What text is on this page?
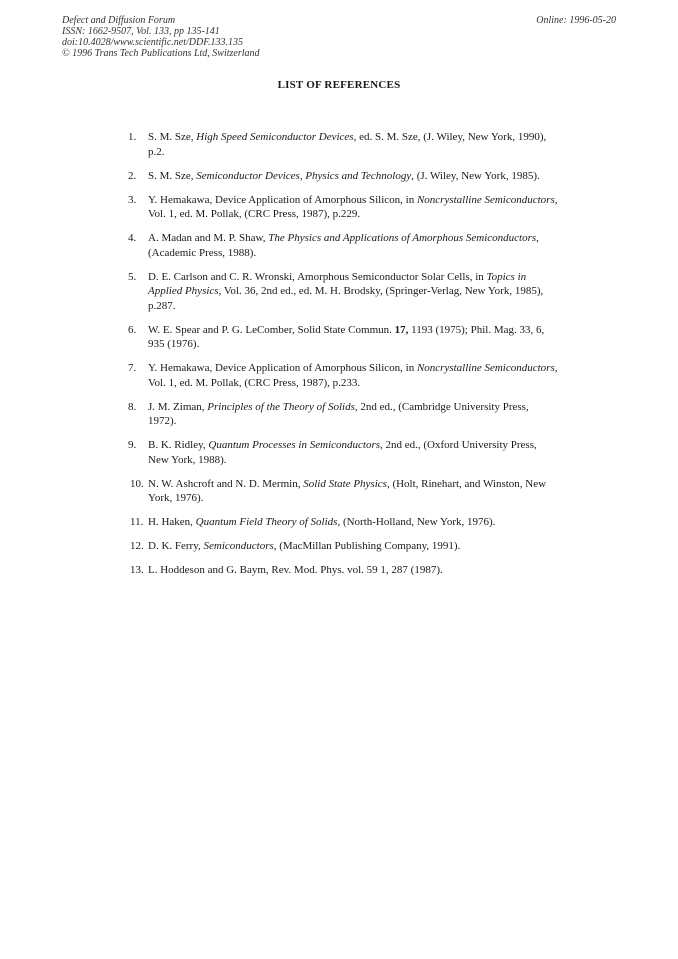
Defect and Diffusion Forum
ISSN: 1662-9507, Vol. 133, pp 135-141
doi:10.4028/www.scientific.net/DDF.133.135
© 1996 Trans Tech Publications Ltd, Switzerland
Online: 1996-05-20
LIST OF REFERENCES
1. S. M. Sze, High Speed Semiconductor Devices, ed. S. M. Sze, (J. Wiley, New York, 1990), p.2.
2. S. M. Sze, Semiconductor Devices, Physics and Technology, (J. Wiley, New York, 1985).
3. Y. Hemakawa, Device Application of Amorphous Silicon, in Noncrystalline Semiconductors, Vol. 1, ed. M. Pollak, (CRC Press, 1987), p.229.
4. A. Madan and M. P. Shaw, The Physics and Applications of Amorphous Semiconductors, (Academic Press, 1988).
5. D. E. Carlson and C. R. Wronski, Amorphous Semiconductor Solar Cells, in Topics in Applied Physics, Vol. 36, 2nd ed., ed. M. H. Brodsky, (Springer-Verlag, New York, 1985), p.287.
6. W. E. Spear and P. G. LeComber, Solid State Commun. 17, 1193 (1975); Phil. Mag. 33, 6, 935 (1976).
7. Y. Hemakawa, Device Application of Amorphous Silicon, in Noncrystalline Semiconductors, Vol. 1, ed. M. Pollak, (CRC Press, 1987), p.233.
8. J. M. Ziman, Principles of the Theory of Solids, 2nd ed., (Cambridge University Press, 1972).
9. B. K. Ridley, Quantum Processes in Semiconductors, 2nd ed., (Oxford University Press, New York, 1988).
10. N. W. Ashcroft and N. D. Mermin, Solid State Physics, (Holt, Rinehart, and Winston, New York, 1976).
11. H. Haken, Quantum Field Theory of Solids, (North-Holland, New York, 1976).
12. D. K. Ferry, Semiconductors, (MacMillan Publishing Company, 1991).
13. L. Hoddeson and G. Baym, Rev. Mod. Phys. vol. 59 1, 287 (1987).
